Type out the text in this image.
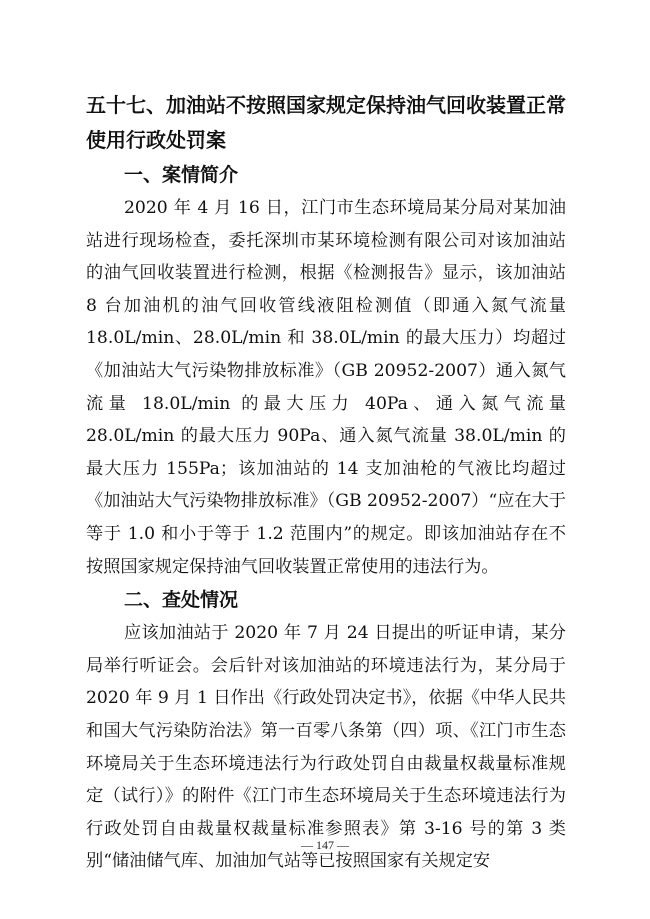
五十七、加油站不按照国家规定保持油气回收装置正常使用行政处罚案
一、案情简介

2020 年 4 月 16 日，江门市生态环境局某分局对某加油站进行现场检查，委托深圳市某环境检测有限公司对该加油站的油气回收装置进行检测，根据《检测报告》显示，该加油站 8 台加油机的油气回收管线液阻检测值（即通入氮气流量 18.0L/min、28.0L/min 和 38.0L/min 的最大压力）均超过《加油站大气污染物排放标准》（GB 20952-2007）通入氮气流量 18.0L/min 的最大压力 40Pa、通入氮气流量 28.0L/min 的最大压力 90Pa、通入氮气流量 38.0L/min 的最大压力 155Pa；该加油站的 14 支加油枪的气液比均超过《加油站大气污染物排放标准》（GB 20952-2007）“应在大于等于 1.0 和小于等于 1.2 范围内”的规定。即该加油站存在不按照国家规定保持油气回收装置正常使用的违法行为。

二、查处情况

应该加油站于 2020 年 7 月 24 日提出的听证申请，某分局举行听证会。会后针对该加油站的环境违法行为，某分局于 2020 年 9 月 1 日作出《行政处罚决定书》，依据《中华人民共和国大气污染防治法》第一百零八条第（四）项、《江门市生态环境局关于生态环境违法行为行政处罚自由裁量权裁量标准规定（试行）》的附件《江门市生态环境局关于生态环境违法行为行政处罚自由裁量权裁量标准参照表》第 3-16 号的第 3 类别“储油储气库、加油加气站等已按照国家有关规定安

— 147 —
